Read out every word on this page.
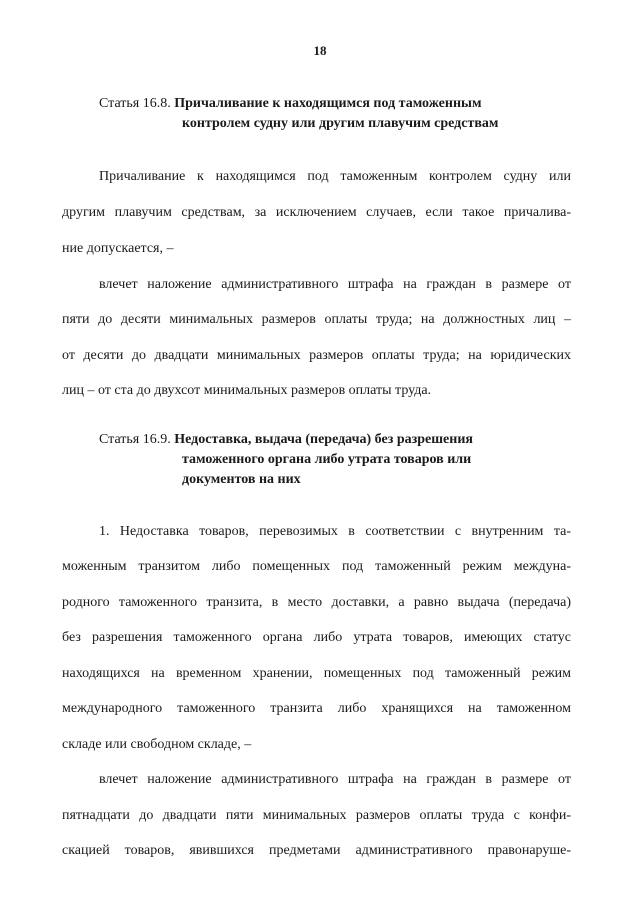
18
Статья 16.8. Причаливание к находящимся под таможенным
контролем судну или другим плавучим средствам
Причаливание к находящимся под таможенным контролем судну или
другим плавучим средствам, за исключением случаев, если такое причалива-
ние допускается, –
влечет наложение административного штрафа на граждан в размере от
пяти до десяти минимальных размеров оплаты труда; на должностных лиц –
от десяти до двадцати минимальных размеров оплаты труда; на юридических
лиц – от ста до двухсот минимальных размеров оплаты труда.
Статья 16.9. Недоставка, выдача (передача) без разрешения
таможенного органа либо утрата товаров или
документов на них
1. Недоставка товаров, перевозимых в соответствии с внутренним та-
моженным транзитом либо помещенных под таможенный режим междуна-
родного таможенного транзита, в место доставки, а равно выдача (передача)
без разрешения таможенного органа либо утрата товаров, имеющих статус
находящихся на временном хранении, помещенных под таможенный режим
международного таможенного транзита либо хранящихся на таможенном
складе или свободном складе, –
влечет наложение административного штрафа на граждан в размере от
пятнадцати до двадцати пяти минимальных размеров оплаты труда с конфи-
скацией товаров, явившихся предметами административного правонаруше-
